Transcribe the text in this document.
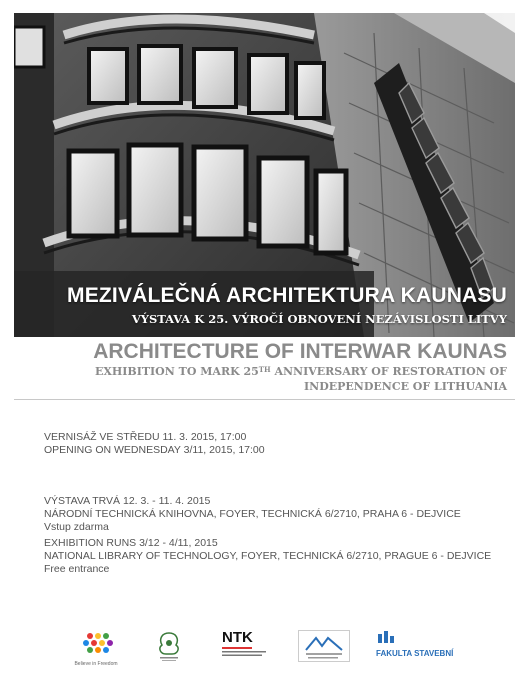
MEZIVÁLEČNÁ ARCHITEKTURA KAUNASU
VÝSTAVA K 25. VÝROČÍ OBNOVENÍ NEZÁVISLOSTI LITVY
ARCHITECTURE OF INTERWAR KAUNAS
EXHIBITION TO MARK 25TH ANNIVERSARY OF RESTORATION OF
INDEPENDENCE OF LITHUANIA
VERNISÁŽ VE STŘEDU 11. 3. 2015, 17:00
OPENING ON WEDNESDAY 3/11, 2015, 17:00
VÝSTAVA TRVÁ 12. 3. - 11. 4. 2015
NÁRODNÍ TECHNICKÁ KNIHOVNA, FOYER, TECHNICKÁ 6/2710, PRAHA 6 - DEJVICE
Vstup zdarma
EXHIBITION RUNS 3/12 - 4/11, 2015
NATIONAL LIBRARY OF TECHNOLOGY, FOYER, TECHNICKÁ 6/2710, PRAGUE 6 - DEJVICE
Free entrance
Believe in Freedom
NTK
FAKULTA STAVEBNÍ
